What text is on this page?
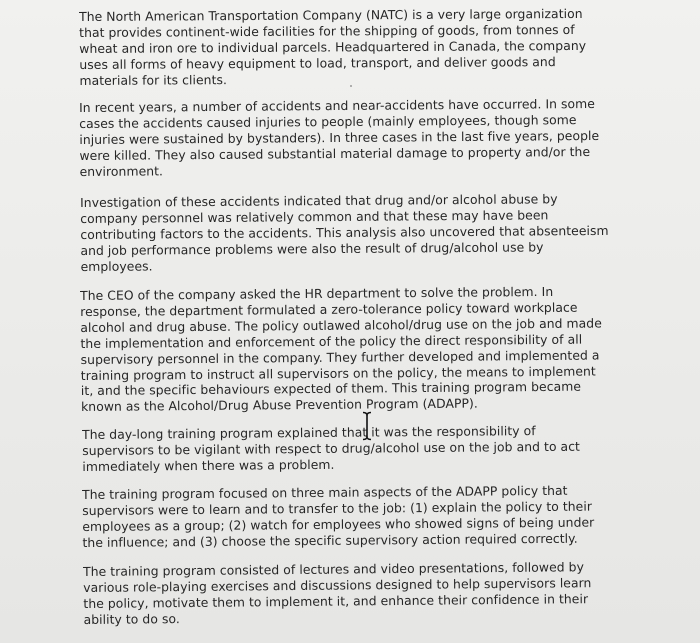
The North American Transportation Company (NATC) is a very large organization
that provides continent-wide facilities for the shipping of goods, from tonnes of
wheat and iron ore to individual parcels. Headquartered in Canada, the company
uses all forms of heavy equipment to load, transport, and deliver goods and
materials for its clients.

In recent years, a number of accidents and near-accidents have occurred. In some
cases the accidents caused injuries to people (mainly employees, though some
injuries were sustained by bystanders). In three cases in the last five years, people
were killed. They also caused substantial material damage to property and/or the
environment.

Investigation of these accidents indicated that drug and/or alcohol abuse by
company personnel was relatively common and that these may have been
contributing factors to the accidents. This analysis also uncovered that absenteeism
and job performance problems were also the result of drug/alcohol use by
employees.

The CEO of the company asked the HR department to solve the problem. In
response, the department formulated a zero-tolerance policy toward workplace
alcohol and drug abuse. The policy outlawed alcohol/drug use on the job and made
the implementation and enforcement of the policy the direct responsibility of all
supervisory personnel in the company. They further developed and implemented a
training program to instruct all supervisors on the policy, the means to implement
it, and the specific behaviours expected of them. This training program became
known as the Alcohol/Drug Abuse Prevention Program (ADAPP).

The day-long training program explained that it was the responsibility of
supervisors to be vigilant with respect to drug/alcohol use on the job and to act
immediately when there was a problem.

The training program focused on three main aspects of the ADAPP policy that
supervisors were to learn and to transfer to the job: (1) explain the policy to their
employees as a group; (2) watch for employees who showed signs of being under
the influence; and (3) choose the specific supervisory action required correctly.

The training program consisted of lectures and video presentations, followed by
various role-playing exercises and discussions designed to help supervisors learn
the policy, motivate them to implement it, and enhance their confidence in their
ability to do so.
